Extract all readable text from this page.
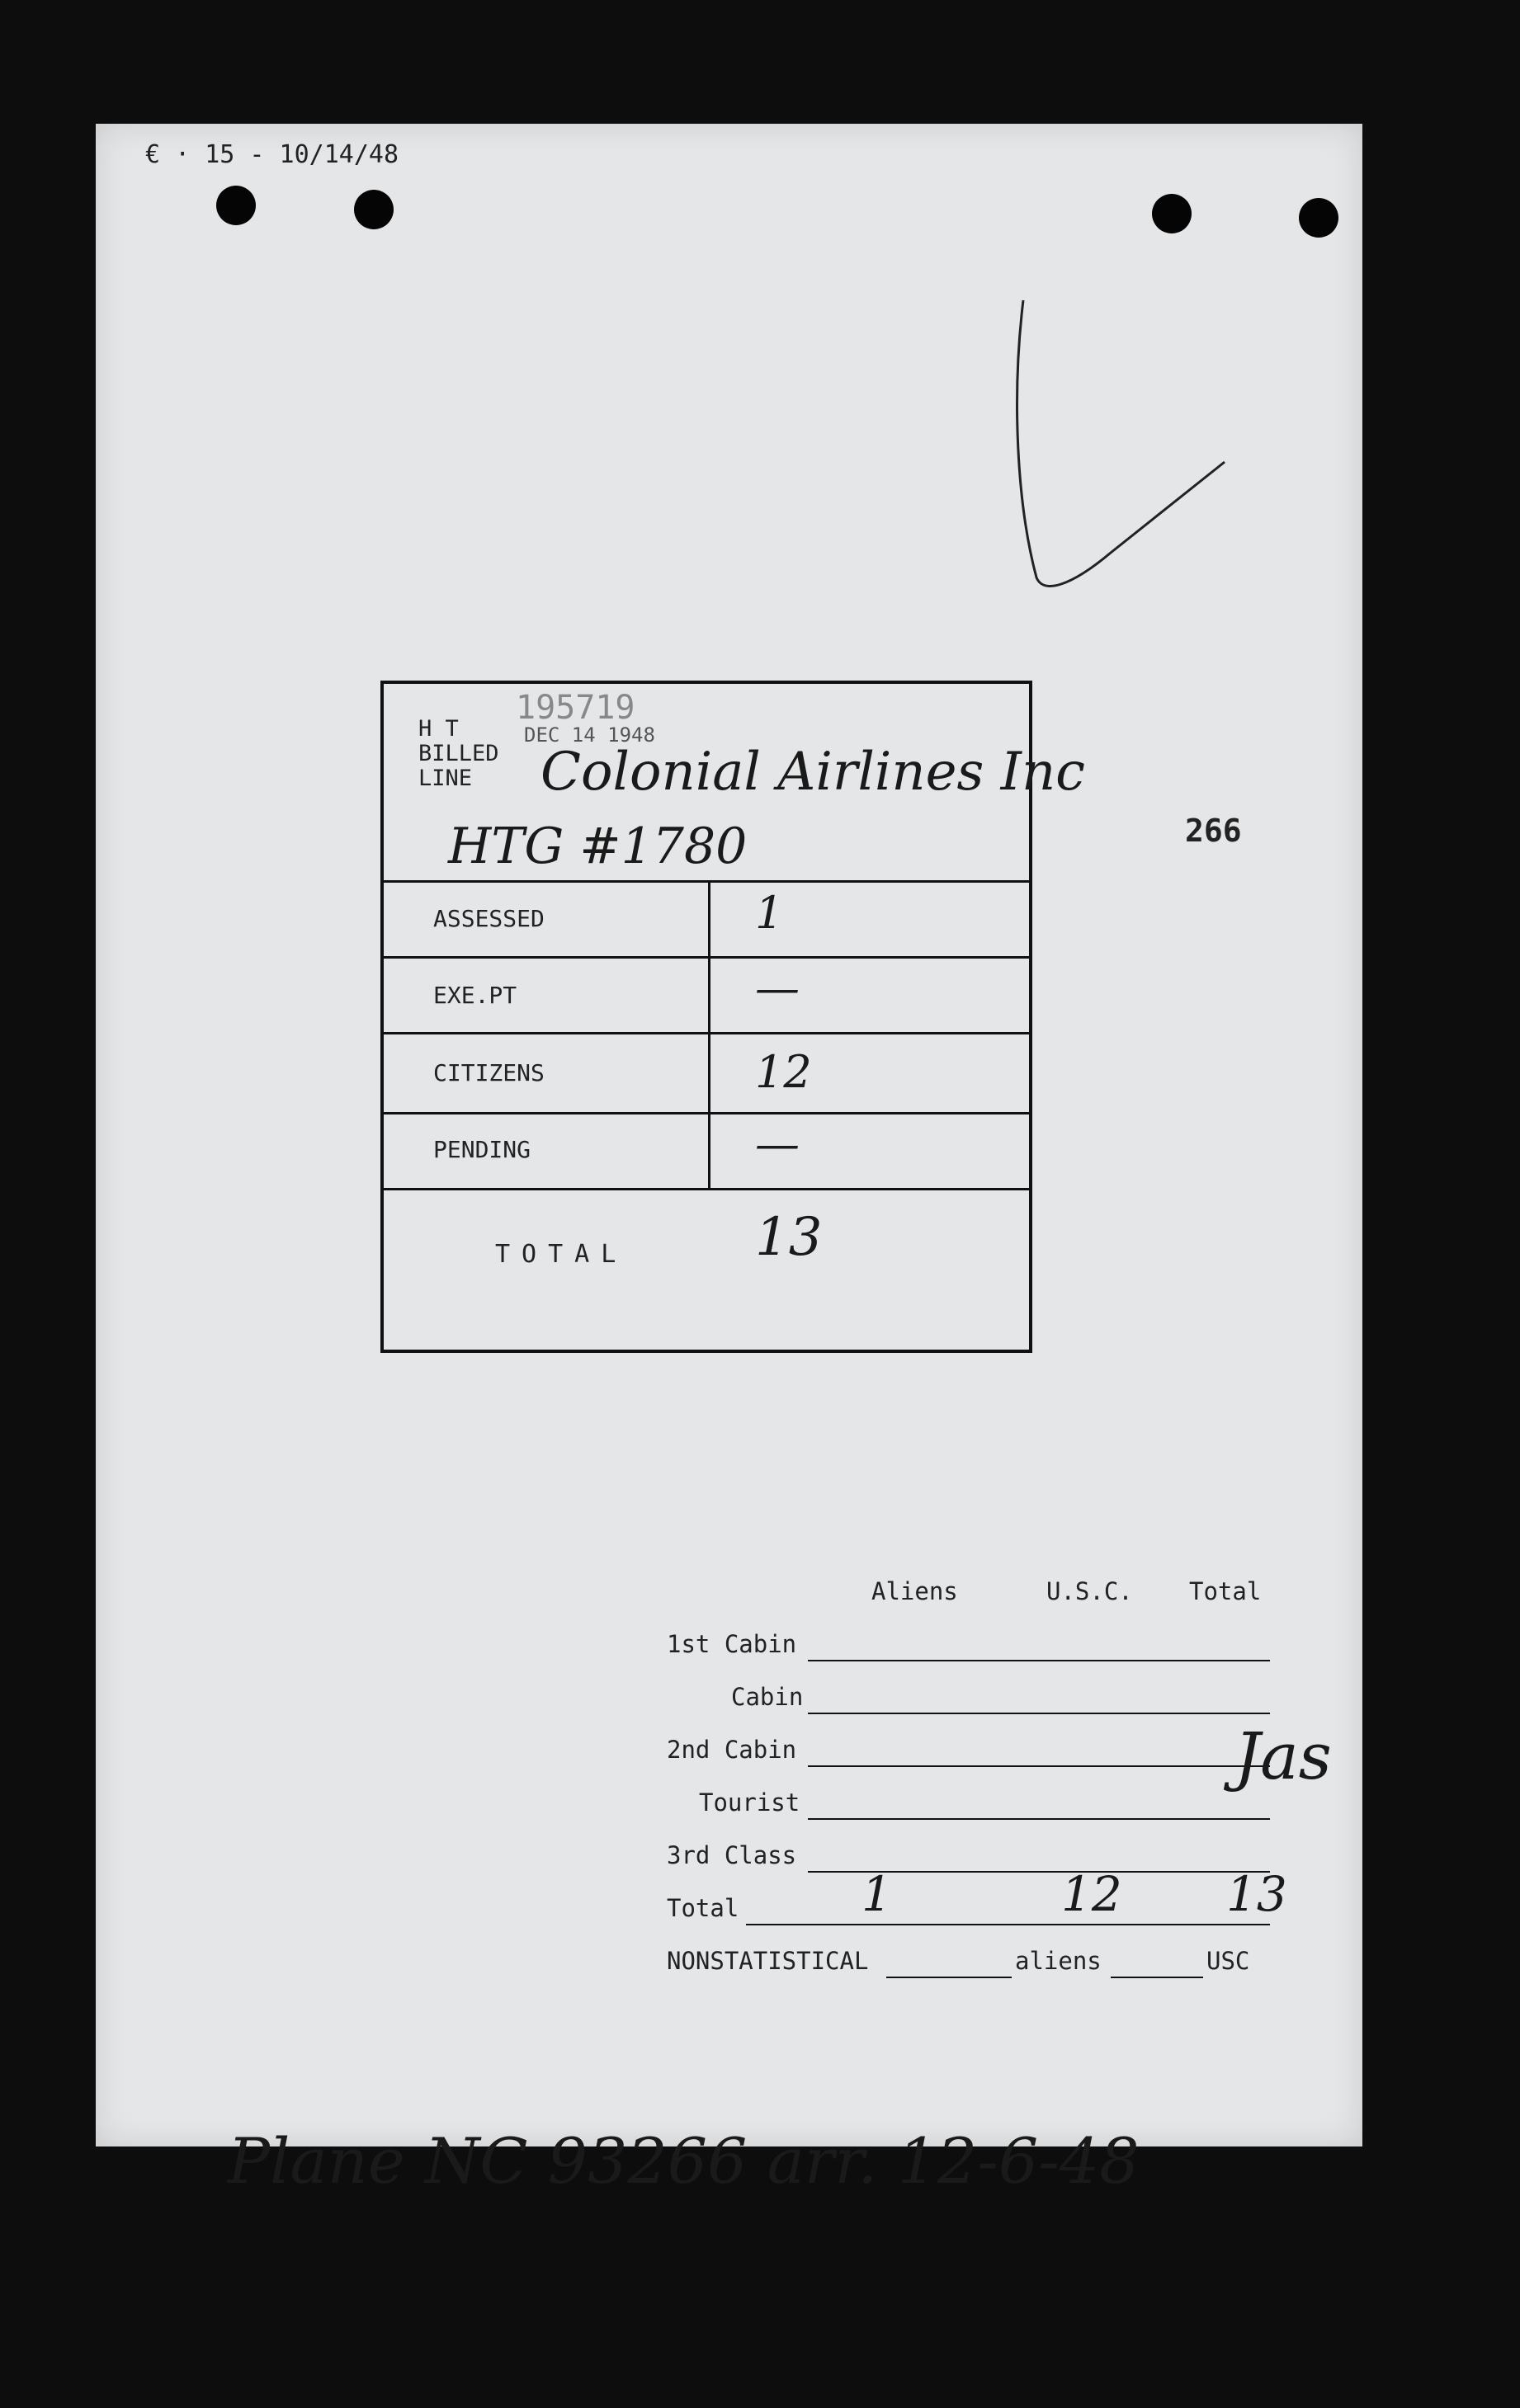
€ · 15 - 10/14/48
266
195719
DEC 14 1948
H T
BILLED
LINE Colonial Airlines Inc
HTG #1780
ASSESSED	1
EXE.PT	—
CITIZENS	12
PENDING	—
TOTAL 13
Aliens	U.S.C. Total
1st Cabin
Cabin
2nd Cabin
Tourist
3rd Class
Total	1	12 13
NONSTATISTICAL	aliens	USC
Jas
Plane NC 93266 arr. 12-6-48
